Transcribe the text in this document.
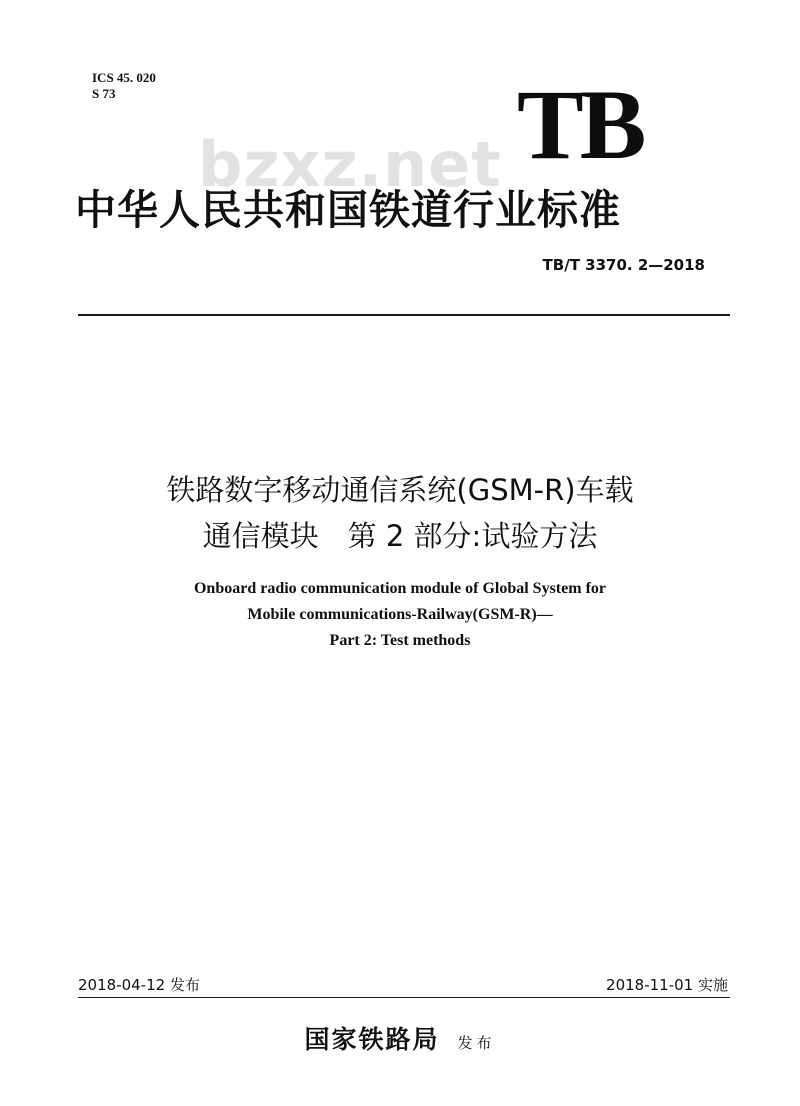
ICS 45. 020
S 73
bzxz.net TB
中华人民共和国铁道行业标准
TB/T 3370. 2—2018
铁路数字移动通信系统(GSM-R)车载
通信模块　第 2 部分:试验方法
Onboard radio communication module of Global System for
Mobile communications-Railway(GSM-R)—
Part 2: Test methods
2018-04-12 发布	2018-11-01 实施
国家铁路局 发布
